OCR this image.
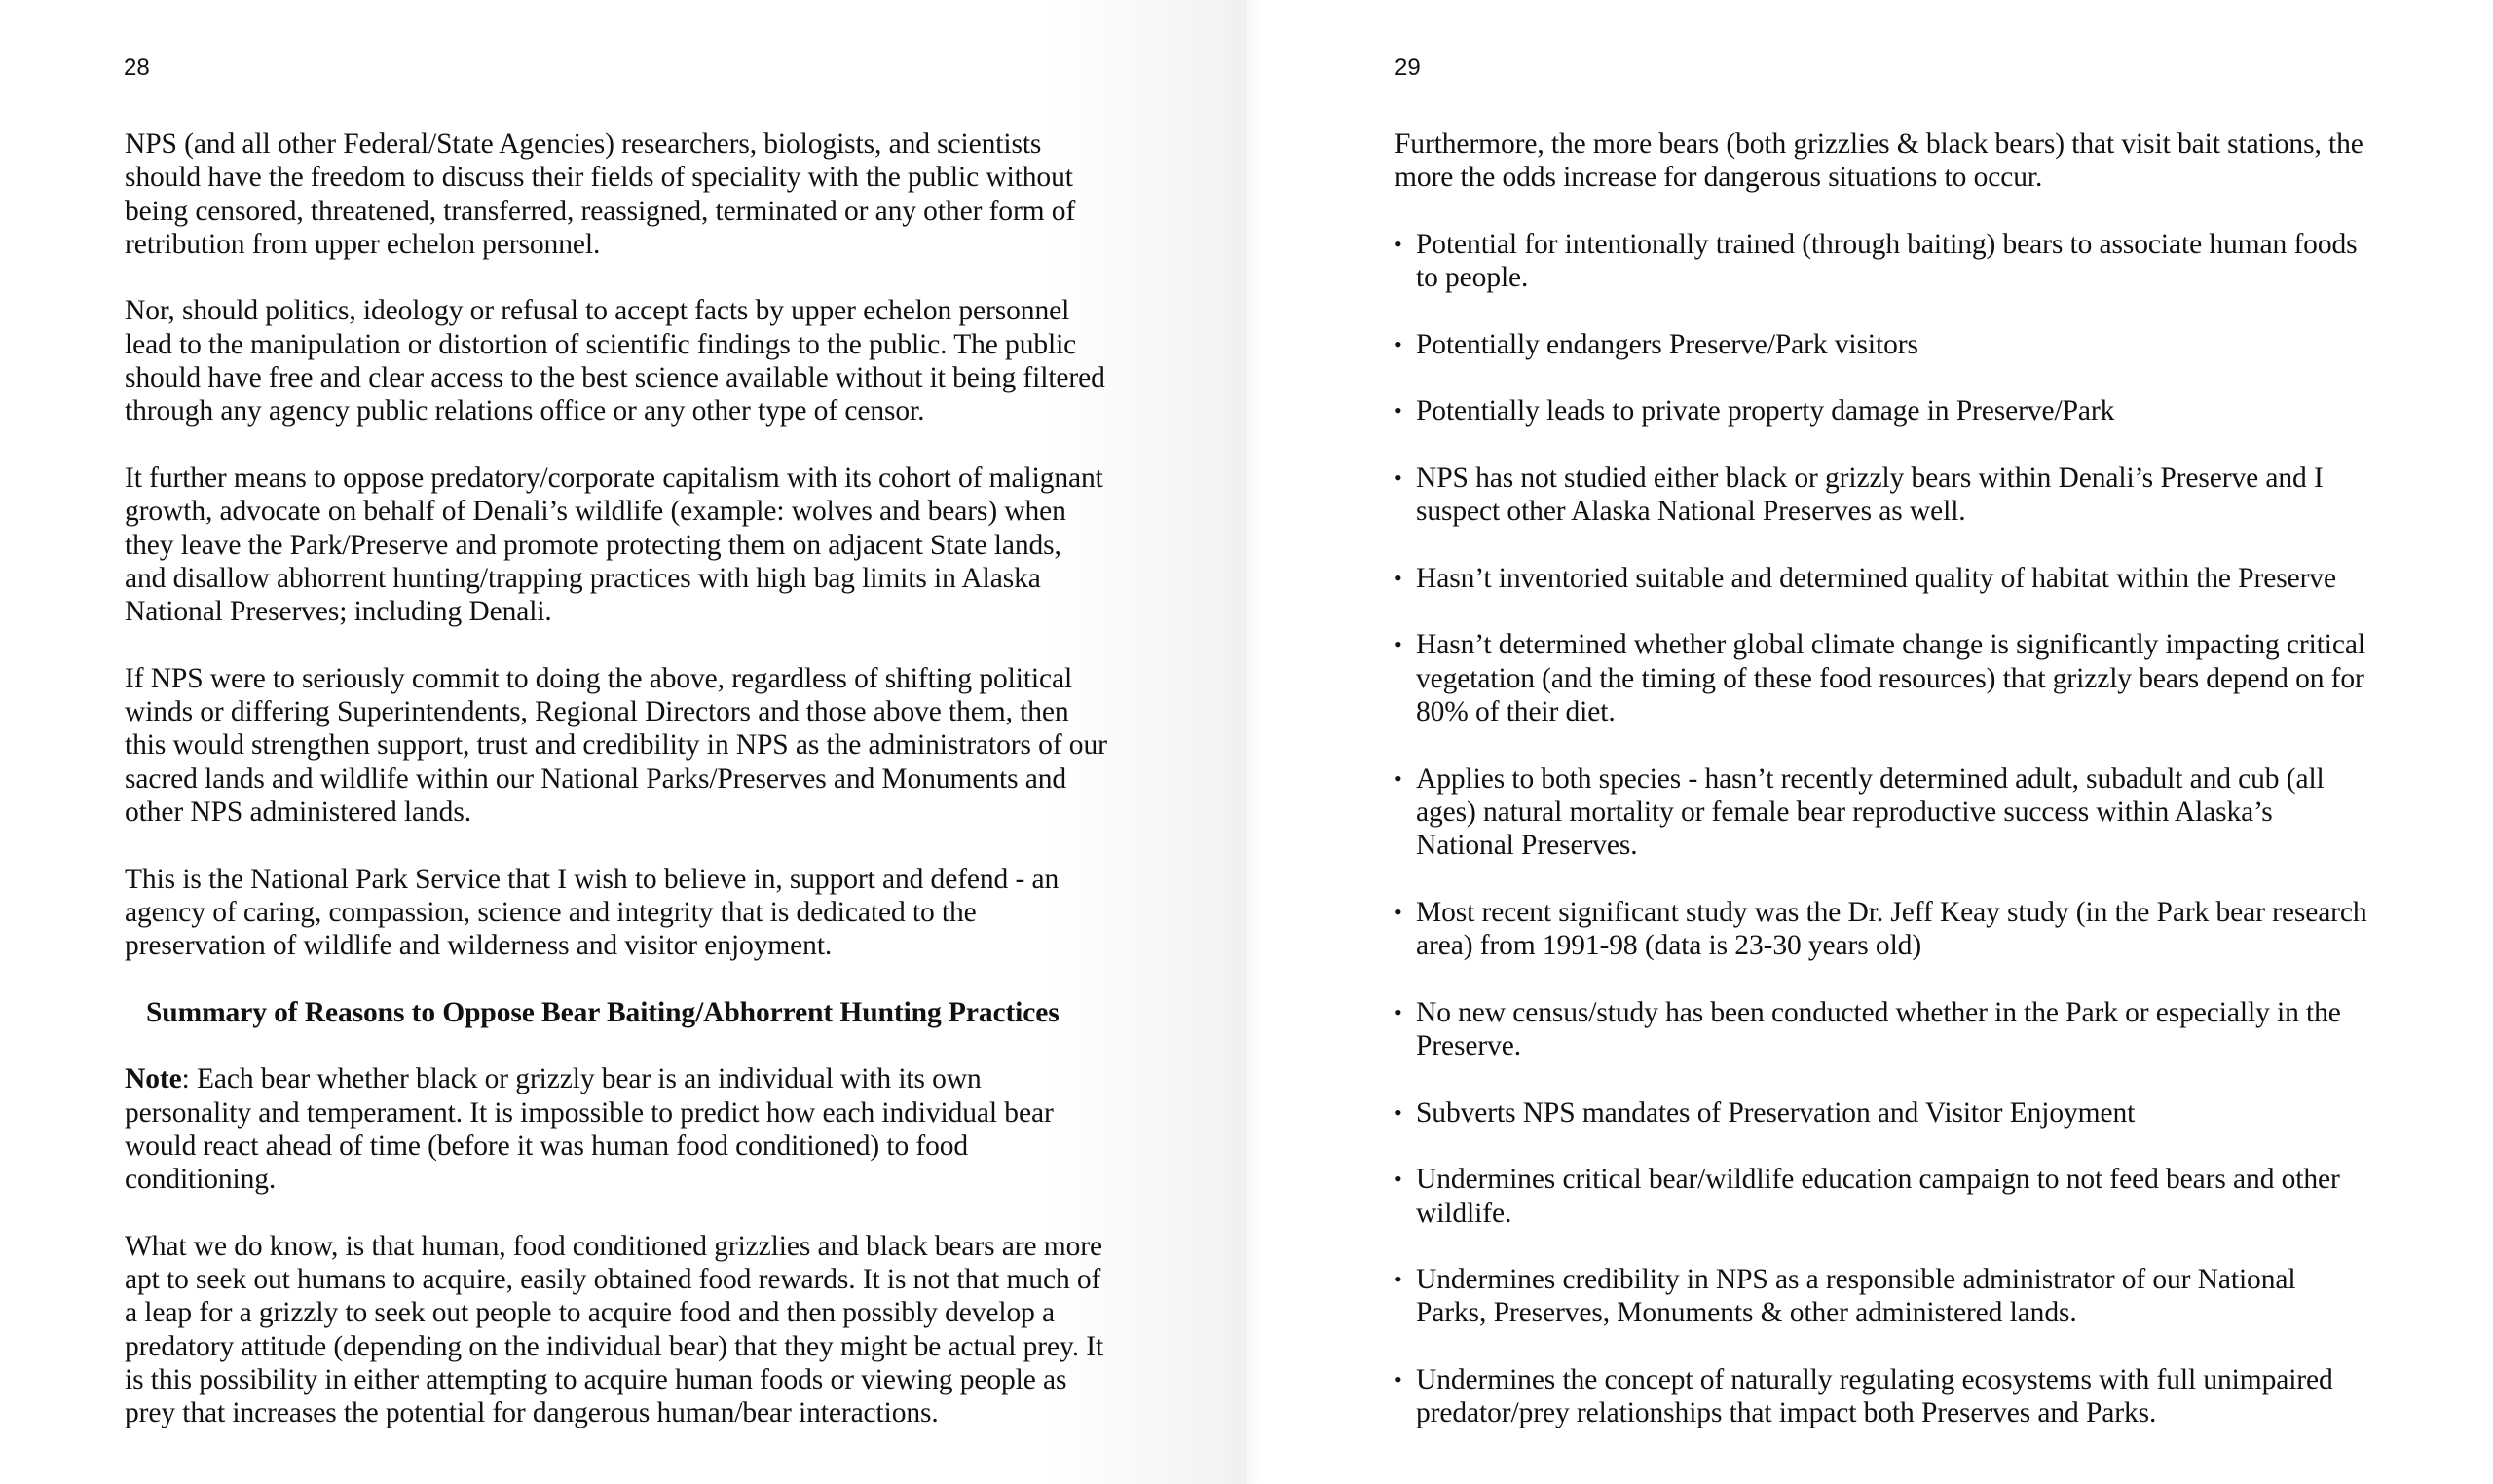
28

NPS (and all other Federal/State Agencies) researchers, biologists, and scientists should have the freedom to discuss their fields of speciality with the public without being censored, threatened, transferred, reassigned, terminated or any other form of retribution from upper echelon personnel.

Nor, should politics, ideology or refusal to accept facts by upper echelon personnel lead to the manipulation or distortion of scientific findings to the public. The public should have free and clear access to the best science available without it being filtered through any agency public relations office or any other type of censor.

It further means to oppose predatory/corporate capitalism with its cohort of malignant growth, advocate on behalf of Denali’s wildlife (example: wolves and bears) when they leave the Park/Preserve and promote protecting them on adjacent State lands, and disallow abhorrent hunting/trapping practices with high bag limits in Alaska National Preserves; including Denali.

If NPS were to seriously commit to doing the above, regardless of shifting political winds or differing Superintendents, Regional Directors and those above them, then this would strengthen support, trust and credibility in NPS as the administrators of our sacred lands and wildlife within our National Parks/Preserves and Monuments and other NPS administered lands.

This is the National Park Service that I wish to believe in, support and defend - an agency of caring, compassion, science and integrity that is dedicated to the preservation of wildlife and wilderness and visitor enjoyment.

Summary of Reasons to Oppose Bear Baiting/Abhorrent Hunting Practices

Note: Each bear whether black or grizzly bear is an individual with its own personality and temperament. It is impossible to predict how each individual bear would react ahead of time (before it was human food conditioned) to food conditioning.

What we do know, is that human, food conditioned grizzlies and black bears are more apt to seek out humans to acquire, easily obtained food rewards. It is not that much of a leap for a grizzly to seek out people to acquire food and then possibly develop a predatory attitude (depending on the individual bear) that they might be actual prey. It is this possibility in either attempting to acquire human foods or viewing people as prey that increases the potential for dangerous human/bear interactions.

29

Furthermore, the more bears (both grizzlies & black bears) that visit bait stations, the more the odds increase for dangerous situations to occur.

• Potential for intentionally trained (through baiting) bears to associate human foods to people.
• Potentially endangers Preserve/Park visitors
• Potentially leads to private property damage in Preserve/Park
• NPS has not studied either black or grizzly bears within Denali’s Preserve and I suspect other Alaska National Preserves as well.
• Hasn’t inventoried suitable and determined quality of habitat within the Preserve
• Hasn’t determined whether global climate change is significantly impacting critical vegetation (and the timing of these food resources) that grizzly bears depend on for 80% of their diet.
• Applies to both species - hasn’t recently determined adult, subadult and cub (all ages) natural mortality or female bear reproductive success within Alaska’s National Preserves.
• Most recent significant study was the Dr. Jeff Keay study (in the Park bear research area) from 1991-98 (data is 23-30 years old)
• No new census/study has been conducted whether in the Park or especially in the Preserve.
• Subverts NPS mandates of Preservation and Visitor Enjoyment
• Undermines critical bear/wildlife education campaign to not feed bears and other wildlife.
• Undermines credibility in NPS as a responsible administrator of our National Parks, Preserves, Monuments & other administered lands.
• Undermines the concept of naturally regulating ecosystems with full unimpaired predator/prey relationships that impact both Preserves and Parks.
